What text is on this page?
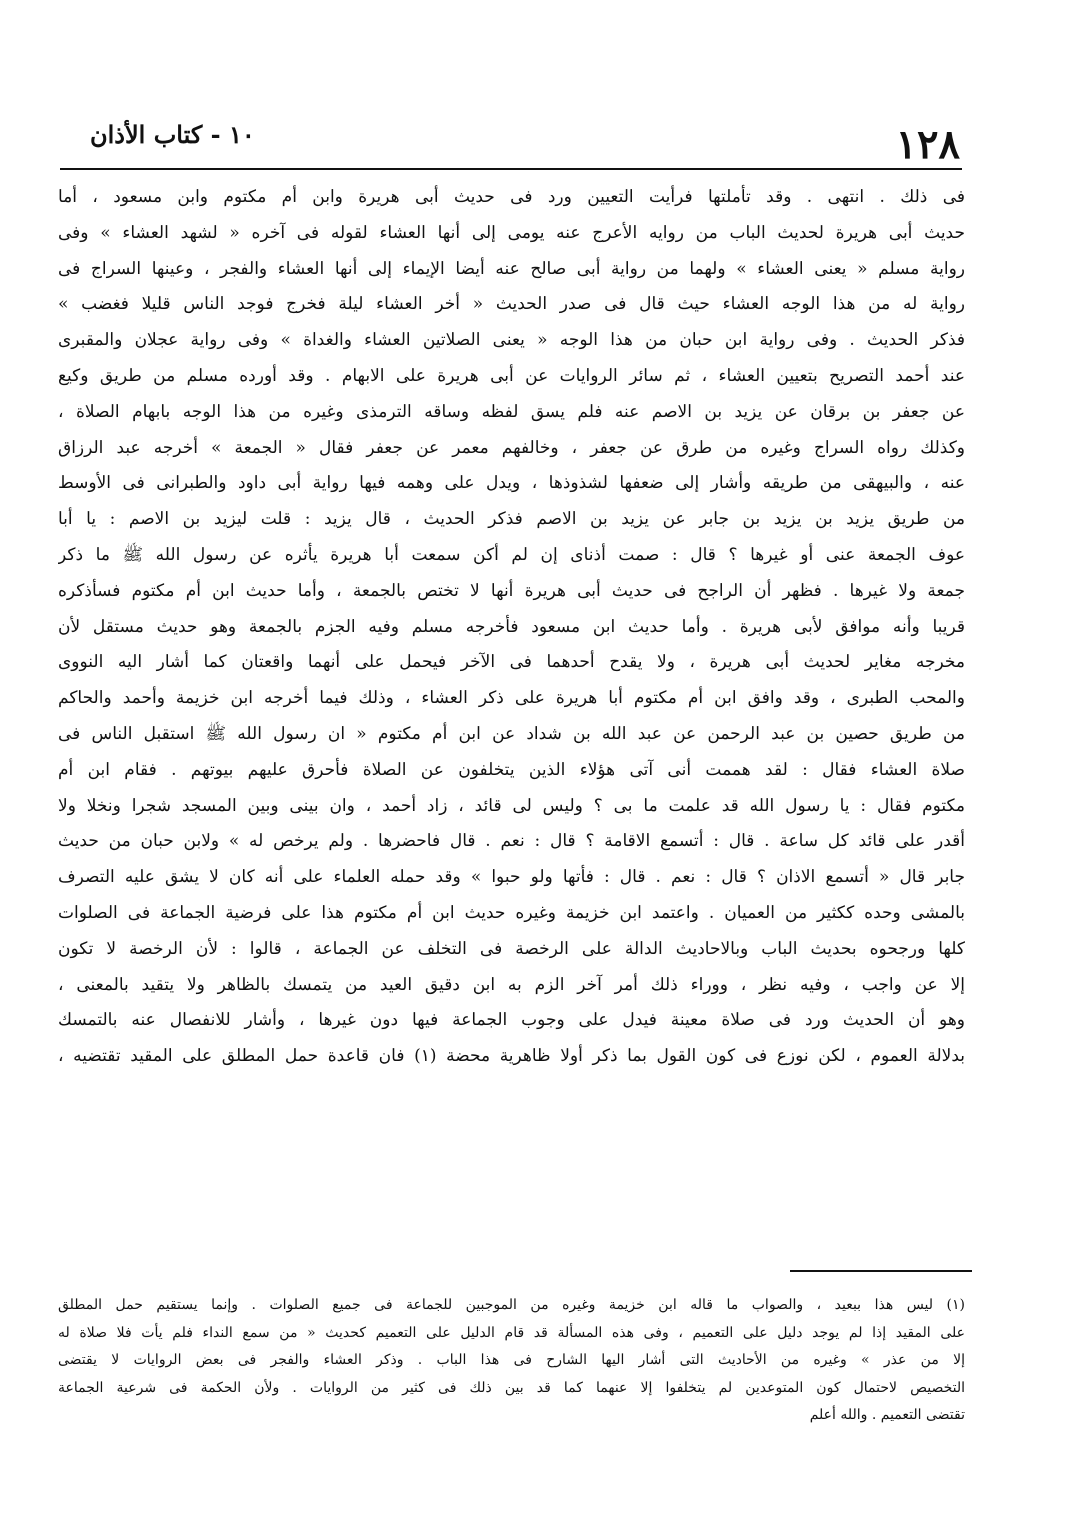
١٢٨
١٠ - كتاب الأذان
فى ذلك . انتهى . وقد تأملتها فرأيت التعيين ورد فى حديث أبى هريرة وابن أم مكتوم وابن مسعود ، أما
حديث أبى هريرة لحديث الباب من روايه الأعرج عنه يومى إلى أنها العشاء لقوله فى آخره « لشهد العشاء » وفى
رواية مسلم « يعنى العشاء » ولهما من رواية أبى صالح عنه أيضا الإيماء إلى أنها العشاء والفجر ، وعينها السراج فى
رواية له من هذا الوجه العشاء حيث قال فى صدر الحديث « أخر العشاء ليلة فخرج فوجد الناس قليلا فغضب »
فذكر الحديث . وفى رواية ابن حبان من هذا الوجه « يعنى الصلاتين العشاء والغداة » وفى رواية عجلان والمقبرى
عند أحمد التصريح بتعيين العشاء ، ثم سائر الروايات عن أبى هريرة على الابهام . وقد أورده مسلم من طريق وكيع
عن جعفر بن برقان عن يزيد بن الاصم عنه فلم يسق لفظه وساقه الترمذى وغيره من هذا الوجه بابهام الصلاة ،
وكذلك رواه السراج وغيره من طرق عن جعفر ، وخالفهم معمر عن جعفر فقال « الجمعة » أخرجه عبد الرزاق
عنه ، والبيهقى من طريقه وأشار إلى ضعفها لشذوذها ، ويدل على وهمه فيها رواية أبى داود والطبرانى فى الأوسط
من طريق يزيد بن يزيد بن جابر عن يزيد بن الاصم فذكر الحديث ، قال يزيد : قلت ليزيد بن الاصم : يا أبا
عوف الجمعة عنى أو غيرها ؟ قال : صمت أذناى إن لم أكن سمعت أبا هريرة يأثره عن رسول الله ﷺ ما ذكر
جمعة ولا غيرها . فظهر أن الراجح فى حديث أبى هريرة أنها لا تختص بالجمعة ، وأما حديث ابن أم مكتوم فسأذكره
قريبا وأنه موافق لأبى هريرة . وأما حديث ابن مسعود فأخرجه مسلم وفيه الجزم بالجمعة وهو حديث مستقل لأن
مخرجه مغاير لحديث أبى هريرة ، ولا يقدح أحدهما فى الآخر فيحمل على أنهما واقعتان كما أشار اليه النووى
والمحب الطبرى ، وقد وافق ابن أم مكتوم أبا هريرة على ذكر العشاء ، وذلك فيما أخرجه ابن خزيمة وأحمد والحاكم
من طريق حصين بن عبد الرحمن عن عبد الله بن شداد عن ابن أم مكتوم « ان رسول الله ﷺ استقبل الناس فى
صلاة العشاء فقال : لقد هممت أنى آتى هؤلاء الذين يتخلفون عن الصلاة فأحرق عليهم بيوتهم . فقام ابن أم
مكتوم فقال : يا رسول الله قد علمت ما بى ؟ وليس لى قائد ، زاد أحمد ، وان بينى وبين المسجد شجرا ونخلا ولا
أقدر على قائد كل ساعة . قال : أتسمع الاقامة ؟ قال : نعم . قال فاحضرها . ولم يرخص له » ولابن حبان من حديث
جابر قال « أتسمع الاذان ؟ قال : نعم . قال : فأتها ولو حبوا » وقد حمله العلماء على أنه كان لا يشق عليه التصرف
بالمشى وحده ككثير من العميان . واعتمد ابن خزيمة وغيره حديث ابن أم مكتوم هذا على فرضية الجماعة فى الصلوات
كلها ورجحوه بحديث الباب وبالاحاديث الدالة على الرخصة فى التخلف عن الجماعة ، قالوا : لأن الرخصة لا تكون
إلا عن واجب ، وفيه نظر ، ووراء ذلك أمر آخر الزم به ابن دقيق العيد من يتمسك بالظاهر ولا يتقيد بالمعنى ،
وهو أن الحديث ورد فى صلاة معينة فيدل على وجوب الجماعة فيها دون غيرها ، وأشار للانفصال عنه بالتمسك
بدلالة العموم ، لكن نوزع فى كون القول بما ذكر أولا ظاهرية محضة (١) فان قاعدة حمل المطلق على المقيد تقتضيه ،
(١) ليس هذا ببعيد ، والصواب ما قاله ابن خزيمة وغيره من الموجبين للجماعة فى جميع الصلوات . وإنما يستقيم حمل المطلق
على المقيد إذا لم يوجد دليل على التعميم ، وفى هذه المسألة قد قام الدليل على التعميم كحديث « من سمع النداء فلم يأت فلا صلاة له
إلا من عذر » وغيره من الأحاديث التى أشار اليها الشارح فى هذا الباب . وذكر العشاء والفجر فى بعض الروايات لا يقتضى
التخصيص لاحتمال كون المتوعدين لم يتخلفوا إلا عنهما كما قد بين ذلك فى كثير من الروايات . ولأن الحكمة فى شرعية الجماعة
تقتضى التعميم . والله أعلم
